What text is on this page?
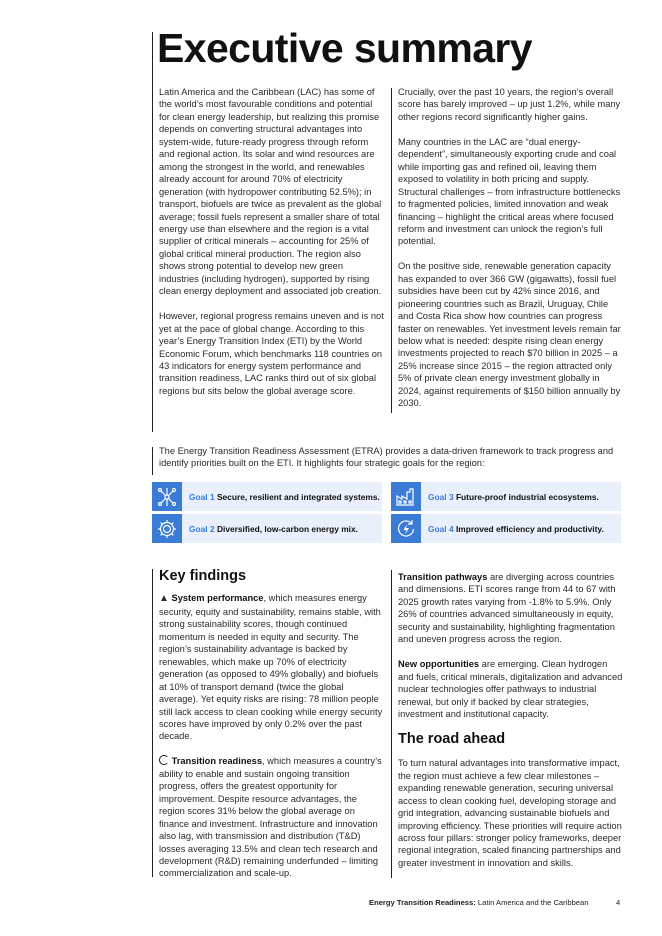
Executive summary

Latin America and the Caribbean (LAC) has some of the world’s most favourable conditions and potential for clean energy leadership, but realizing this promise depends on converting structural advantages into system-wide, future-ready progress through reform and regional action. Its solar and wind resources are among the strongest in the world, and renewables already account for around 70% of electricity generation (with hydropower contributing 52.5%); in transport, biofuels are twice as prevalent as the global average; fossil fuels represent a smaller share of total energy use than elsewhere and the region is a vital supplier of critical minerals – accounting for 25% of global critical mineral production. The region also shows strong potential to develop new green industries (including hydrogen), supported by rising clean energy deployment and associated job creation.

However, regional progress remains uneven and is not yet at the pace of global change. According to this year’s Energy Transition Index (ETI) by the World Economic Forum, which benchmarks 118 countries on 43 indicators for energy system performance and transition readiness, LAC ranks third out of six global regions but sits below the global average score.

Crucially, over the past 10 years, the region’s overall score has barely improved – up just 1.2%, while many other regions record significantly higher gains.

Many countries in the LAC are “dual energy-dependent”, simultaneously exporting crude and coal while importing gas and refined oil, leaving them exposed to volatility in both pricing and supply. Structural challenges – from infrastructure bottlenecks to fragmented policies, limited innovation and weak financing – highlight the critical areas where focused reform and investment can unlock the region’s full potential.

On the positive side, renewable generation capacity has expanded to over 366 GW (gigawatts), fossil fuel subsidies have been cut by 42% since 2016, and pioneering countries such as Brazil, Uruguay, Chile and Costa Rica show how countries can progress faster on renewables. Yet investment levels remain far below what is needed: despite rising clean energy investments projected to reach $70 billion in 2025 – a 25% increase since 2015 – the region attracted only 5% of private clean energy investment globally in 2024, against requirements of $150 billion annually by 2030.

The Energy Transition Readiness Assessment (ETRA) provides a data-driven framework to track progress and identify priorities built on the ETI. It highlights four strategic goals for the region:

Goal 1 Secure, resilient and integrated systems.
Goal 2 Diversified, low-carbon energy mix.
Goal 3 Future-proof industrial ecosystems.
Goal 4 Improved efficiency and productivity.
Key findings

▲ System performance, which measures energy security, equity and sustainability, remains stable, with strong sustainability scores, though continued momentum is needed in equity and security. The region’s sustainability advantage is backed by renewables, which make up 70% of electricity generation (as opposed to 49% globally) and biofuels at 10% of transport demand (twice the global average). Yet equity risks are rising: 78 million people still lack access to clean cooking while energy security scores have improved by only 0.2% over the past decade.

Transition readiness, which measures a country’s ability to enable and sustain ongoing transition progress, offers the greatest opportunity for improvement. Despite resource advantages, the region scores 31% below the global average on finance and investment. Infrastructure and innovation also lag, with transmission and distribution (T&D) losses averaging 13.5% and clean tech research and development (R&D) remaining underfunded – limiting commercialization and scale-up.

Transition pathways are diverging across countries and dimensions. ETI scores range from 44 to 67 with 2025 growth rates varying from -1.8% to 5.9%. Only 26% of countries advanced simultaneously in equity, security and sustainability, highlighting fragmentation and uneven progress across the region.

New opportunities are emerging. Clean hydrogen and fuels, critical minerals, digitalization and advanced nuclear technologies offer pathways to industrial renewal, but only if backed by clear strategies, investment and institutional capacity.

The road ahead

To turn natural advantages into transformative impact, the region must achieve a few clear milestones – expanding renewable generation, securing universal access to clean cooking fuel, developing storage and grid integration, advancing sustainable biofuels and improving efficiency. These priorities will require action across four pillars: stronger policy frameworks, deeper regional integration, scaled financing partnerships and greater investment in innovation and skills.

Energy Transition Readiness: Latin America and the Caribbean	4
